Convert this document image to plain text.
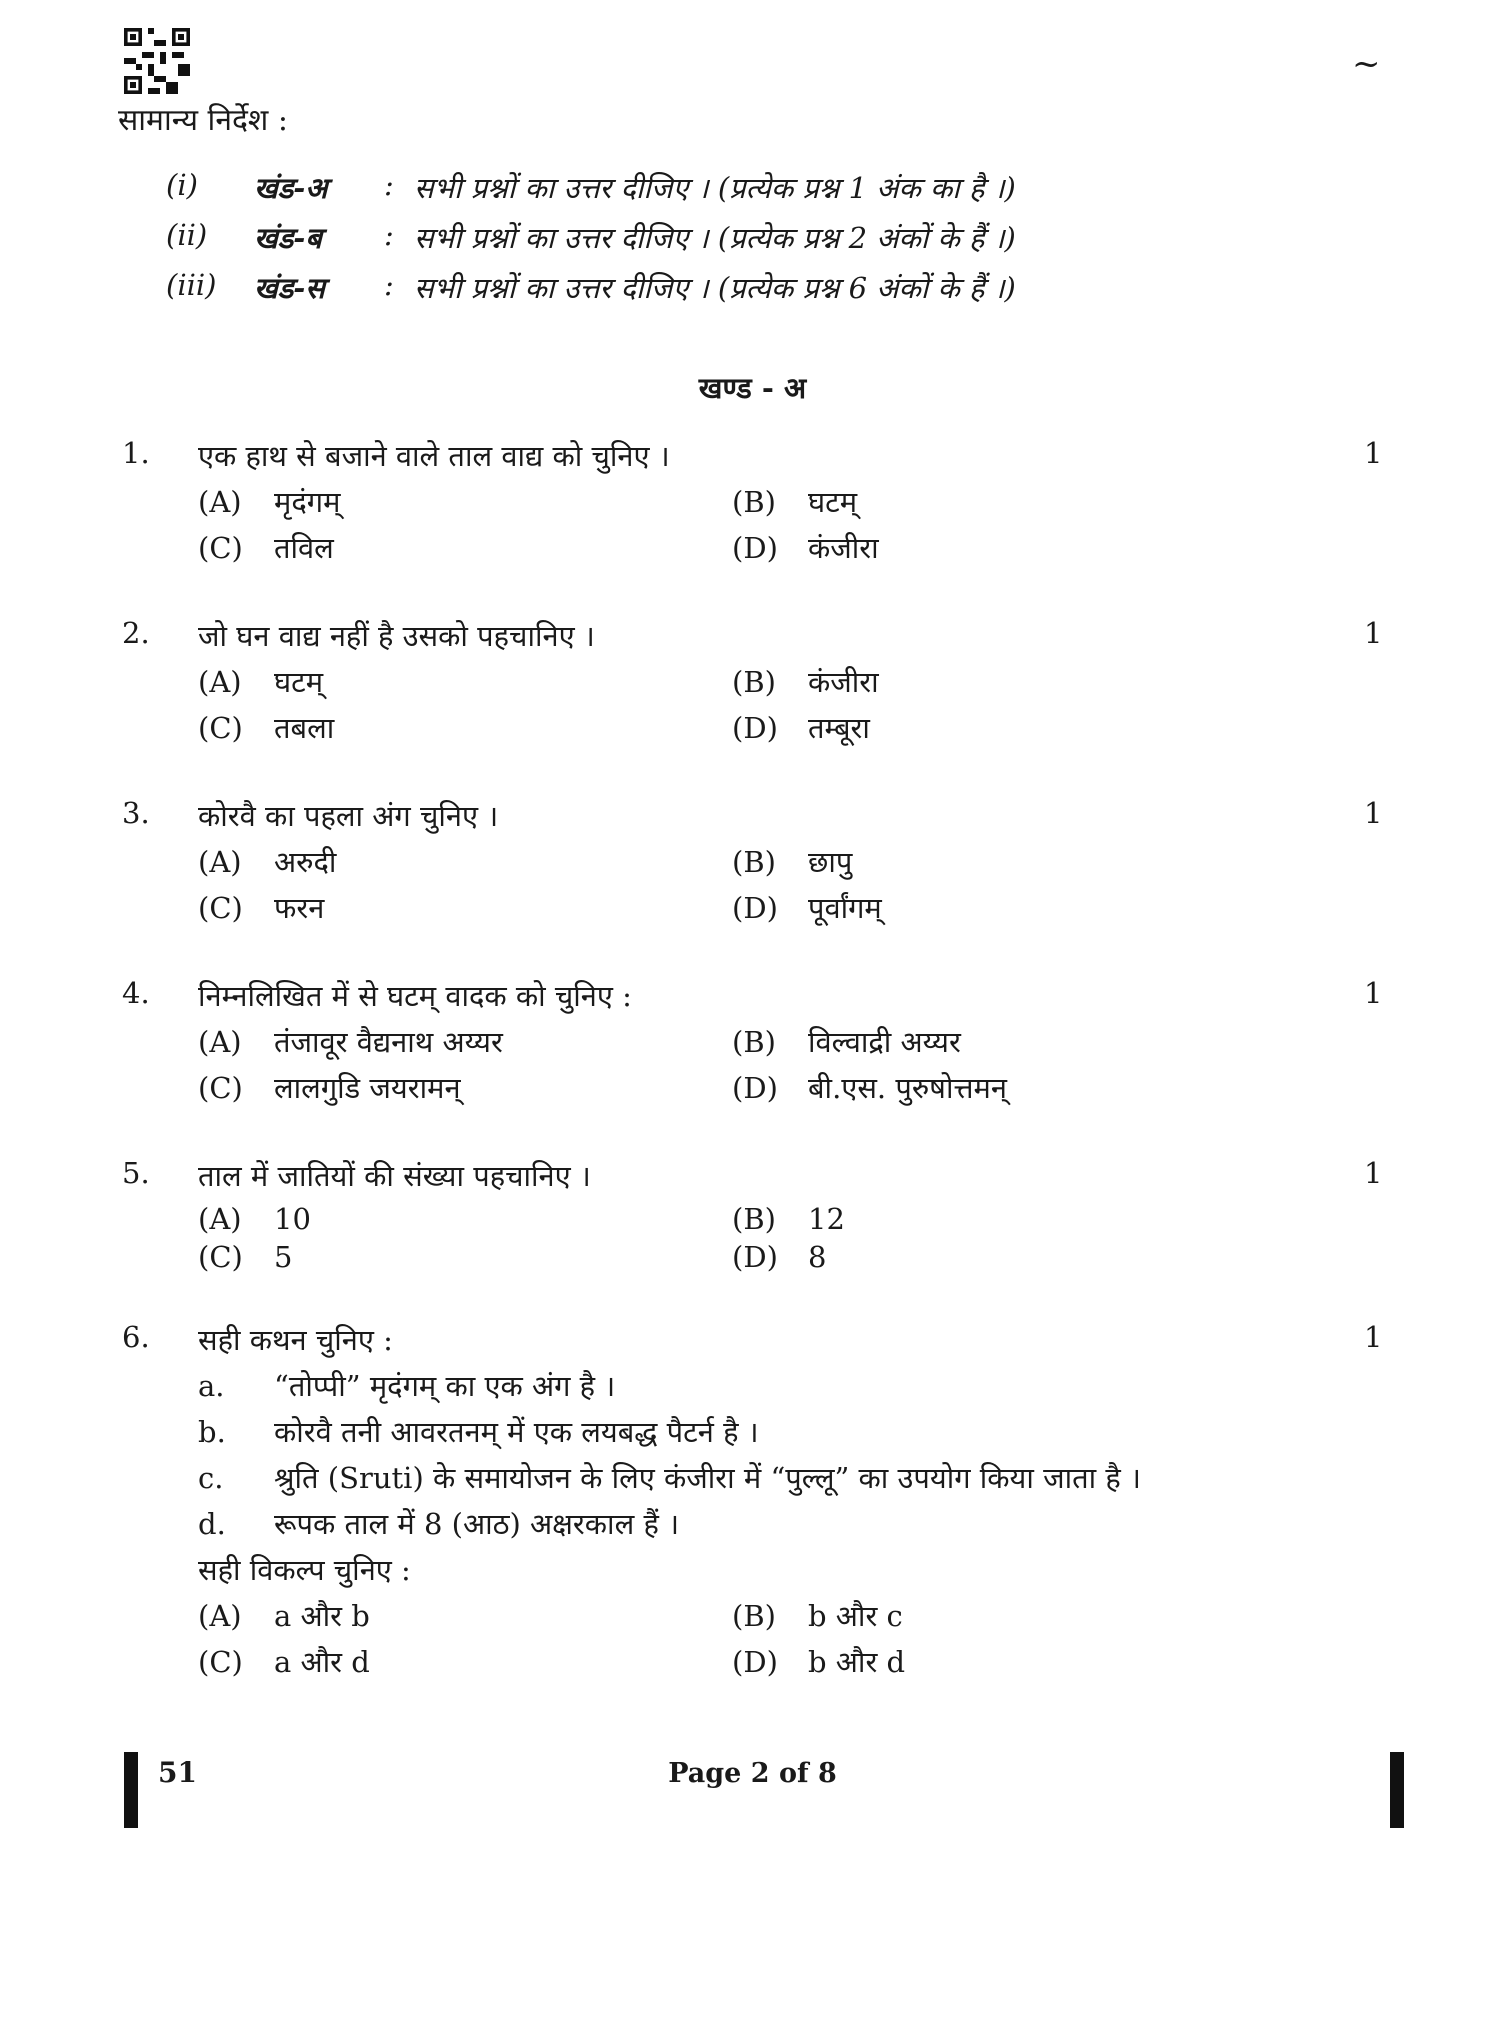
~
सामान्य निर्देश :
(i) खंड-अ : सभी प्रश्नों का उत्तर दीजिए । (प्रत्येक प्रश्न 1 अंक का है ।)
(ii) खंड-ब : सभी प्रश्नों का उत्तर दीजिए । (प्रत्येक प्रश्न 2 अंकों के हैं ।)
(iii) खंड-स : सभी प्रश्नों का उत्तर दीजिए । (प्रत्येक प्रश्न 6 अंकों के हैं ।)
खण्ड - अ
1. एक हाथ से बजाने वाले ताल वाद्य को चुनिए ।	1
(A) मृदंगम्	(B) घटम्
(C) तविल	(D) कंजीरा
2. जो घन वाद्य नहीं है उसको पहचानिए ।	1
(A) घटम्	(B) कंजीरा
(C) तबला	(D) तम्बूरा
3. कोरवै का पहला अंग चुनिए ।	1
(A) अरुदी	(B) छापु
(C) फरन	(D) पूर्वांगम्
4. निम्नलिखित में से घटम् वादक को चुनिए :	1
(A) तंजावूर वैद्यनाथ अय्यर	(B) विल्वाद्री अय्यर
(C) लालगुडि जयरामन्	(D) बी.एस. पुरुषोत्तमन्
5. ताल में जातियों की संख्या पहचानिए ।	1
(A) 10	(B) 12
(C) 5	(D) 8
6. सही कथन चुनिए :	1
a. “तोप्पी” मृदंगम् का एक अंग है ।
b. कोरवै तनी आवरतनम् में एक लयबद्ध पैटर्न है ।
c. श्रुति (Sruti) के समायोजन के लिए कंजीरा में “पुल्लू” का उपयोग किया जाता है ।
d. रूपक ताल में 8 (आठ) अक्षरकाल हैं ।
सही विकल्प चुनिए :
(A) a और b	(B) b और c
(C) a और d	(D) b और d
51	Page 2 of 8
